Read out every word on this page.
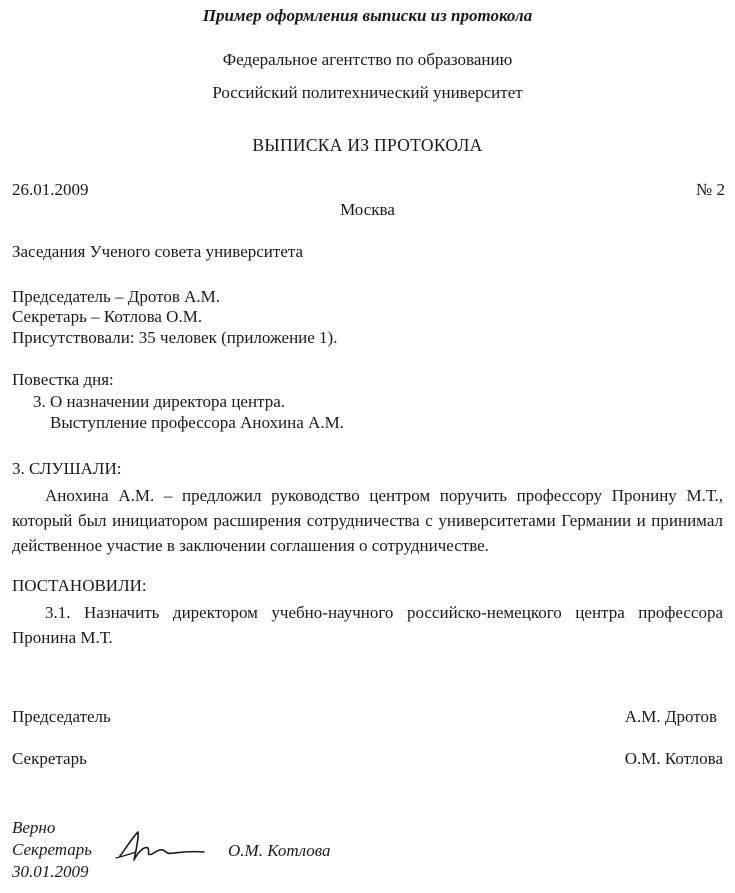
Пример оформления выписки из протокола
Федеральное агентство по образованию
Российский политехнический университет
ВЫПИСКА ИЗ ПРОТОКОЛА
26.01.2009	№ 2
Москва
Заседания Ученого совета университета
Председатель – Дротов А.М.
Секретарь – Котлова О.М.
Присутствовали: 35 человек (приложение 1).
Повестка дня:
3. О назначении директора центра.
Выступление профессора Анохина А.М.
3. СЛУШАЛИ:
Анохина А.М. – предложил руководство центром поручить профессору Пронину М.Т., который был инициатором расширения сотрудничества с университетами Германии и принимал действенное участие в заключении соглашения о сотрудничестве.
ПОСТАНОВИЛИ:
3.1. Назначить директором учебно-научного российско-немецкого центра профессора Пронина М.Т.
Председатель	А.М. Дротов
Секретарь	О.М. Котлова
Верно
Секретарь
30.01.2009
О.М. Котлова
